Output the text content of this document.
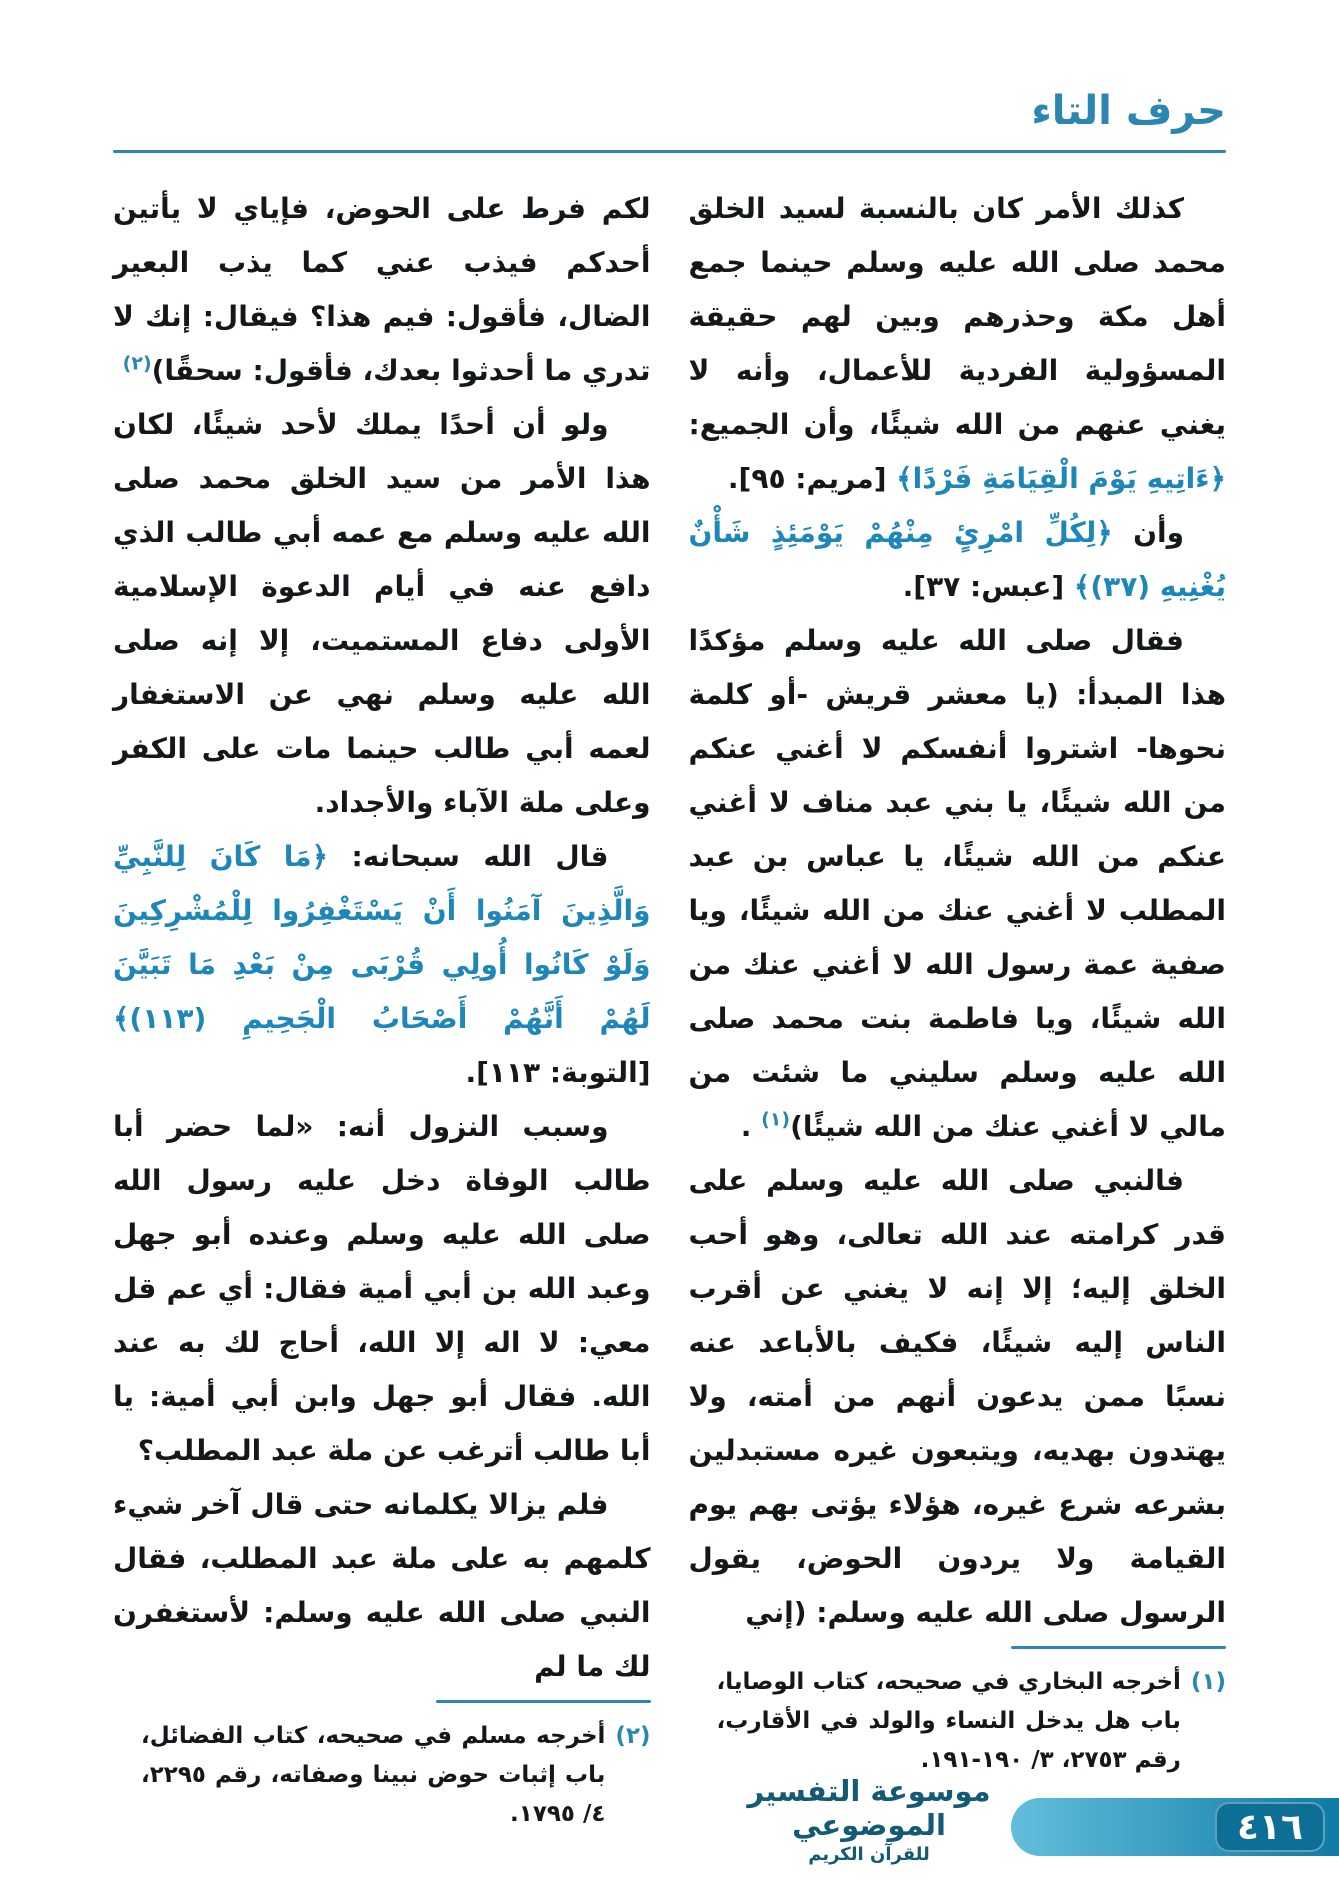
حرف التاء

كذلك الأمر كان بالنسبة لسيد الخلق محمد صلى الله عليه وسلم حينما جمع أهل مكة وحذرهم وبين لهم حقيقة المسؤولية الفردية للأعمال، وأنه لا يغني عنهم من الله شيئًا، وأن الجميع: ﴿ءَاتِيهِ يَوْمَ الْقِيَامَةِ فَرْدًا﴾ [مريم: ٩٥].

وأن ﴿لِكُلِّ امْرِئٍ مِنْهُمْ يَوْمَئِذٍ شَأْنٌ يُغْنِيهِ (٣٧)﴾ [عبس: ٣٧].

فقال صلى الله عليه وسلم مؤكدًا هذا المبدأ: (يا معشر قريش -أو كلمة نحوها- اشتروا أنفسكم لا أغني عنكم من الله شيئًا، يا بني عبد مناف لا أغني عنكم من الله شيئًا، يا عباس بن عبد المطلب لا أغني عنك من الله شيئًا، ويا صفية عمة رسول الله لا أغني عنك من الله شيئًا، ويا فاطمة بنت محمد صلى الله عليه وسلم سليني ما شئت من مالي لا أغني عنك من الله شيئًا)$^{(١)}$ .

فالنبي صلى الله عليه وسلم على قدر كرامته عند الله تعالى، وهو أحب الخلق إليه؛ إلا إنه لا يغني عن أقرب الناس إليه شيئًا، فكيف بالأباعد عنه نسبًا ممن يدعون أنهم من أمته، ولا يهتدون بهديه، ويتبعون غيره مستبدلين بشرعه شرع غيره، هؤلاء يؤتى بهم يوم القيامة ولا يردون الحوض، يقول الرسول صلى الله عليه وسلم: (إني

(١)
أخرجه البخاري في صحيحه، كتاب الوصايا، باب هل يدخل النساء والولد في الأقارب، رقم ٢٧٥٣، ٣/ ١٩٠-١٩١.

لكم فرط على الحوض، فإياي لا يأتين أحدكم فيذب عني كما يذب البعير الضال، فأقول: فيم هذا؟ فيقال: إنك لا تدري ما أحدثوا بعدك، فأقول: سحقًا)$^{(٢)}$

ولو أن أحدًا يملك لأحد شيئًا، لكان هذا الأمر من سيد الخلق محمد صلى الله عليه وسلم مع عمه أبي طالب الذي دافع عنه في أيام الدعوة الإسلامية الأولى دفاع المستميت، إلا إنه صلى الله عليه وسلم نهي عن الاستغفار لعمه أبي طالب حينما مات على الكفر وعلى ملة الآباء والأجداد.

قال الله سبحانه: ﴿مَا كَانَ لِلنَّبِيِّ وَالَّذِينَ آمَنُوا أَنْ يَسْتَغْفِرُوا لِلْمُشْرِكِينَ وَلَوْ كَانُوا أُولِي قُرْبَى مِنْ بَعْدِ مَا تَبَيَّنَ لَهُمْ أَنَّهُمْ أَصْحَابُ الْجَحِيمِ (١١٣)﴾ [التوبة: ١١٣].

وسبب النزول أنه: «لما حضر أبا طالب الوفاة دخل عليه رسول الله صلى الله عليه وسلم وعنده أبو جهل وعبد الله بن أبي أمية فقال: أي عم قل معي: لا اله إلا الله، أحاج لك به عند الله. فقال أبو جهل وابن أبي أمية: يا أبا طالب أترغب عن ملة عبد المطلب؟

فلم يزالا يكلمانه حتى قال آخر شيء كلمهم به على ملة عبد المطلب، فقال النبي صلى الله عليه وسلم: لأستغفرن لك ما لم

(٢)
أخرجه مسلم في صحيحه، كتاب الفضائل، باب إثبات حوض نبينا وصفاته، رقم ٢٢٩٥، ٤/ ١٧٩٥.

موسوعة التفسير الموضوعي
للقرآن الكريم
٤١٦
